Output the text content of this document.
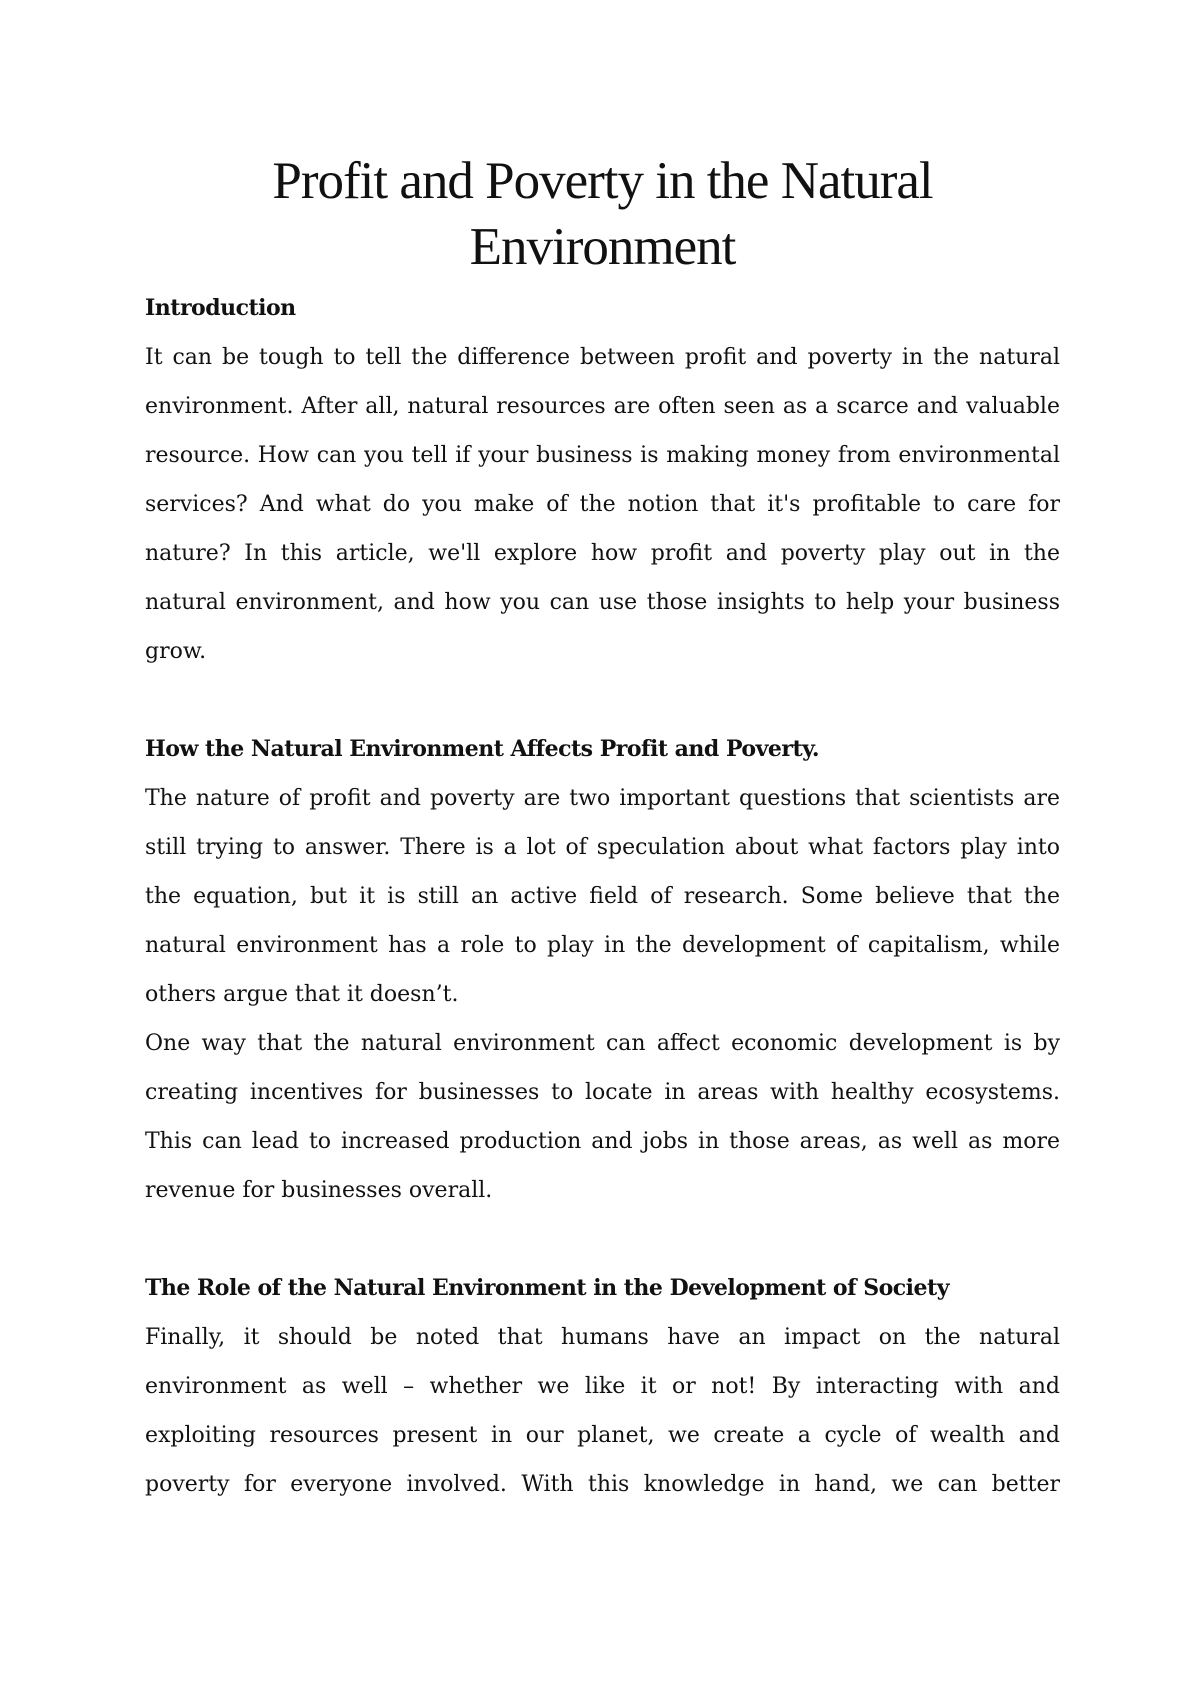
Profit and Poverty in the Natural
Environment
Introduction

It can be tough to tell the difference between profit and poverty in the natural environment. After all, natural resources are often seen as a scarce and valuable resource. How can you tell if your business is making money from environmental services? And what do you make of the notion that it's profitable to care for nature? In this article, we'll explore how profit and poverty play out in the natural environment, and how you can use those insights to help your business grow.

How the Natural Environment Affects Profit and Poverty.

The nature of profit and poverty are two important questions that scientists are still trying to answer. There is a lot of speculation about what factors play into the equation, but it is still an active field of research. Some believe that the natural environment has a role to play in the development of capitalism, while others argue that it doesn’t.

One way that the natural environment can affect economic development is by creating incentives for businesses to locate in areas with healthy ecosystems. This can lead to increased production and jobs in those areas, as well as more revenue for businesses overall.

The Role of the Natural Environment in the Development of Society

Finally, it should be noted that humans have an impact on the natural environment as well – whether we like it or not! By interacting with and exploiting resources present in our planet, we create a cycle of wealth and poverty for everyone involved. With this knowledge in hand, we can better
